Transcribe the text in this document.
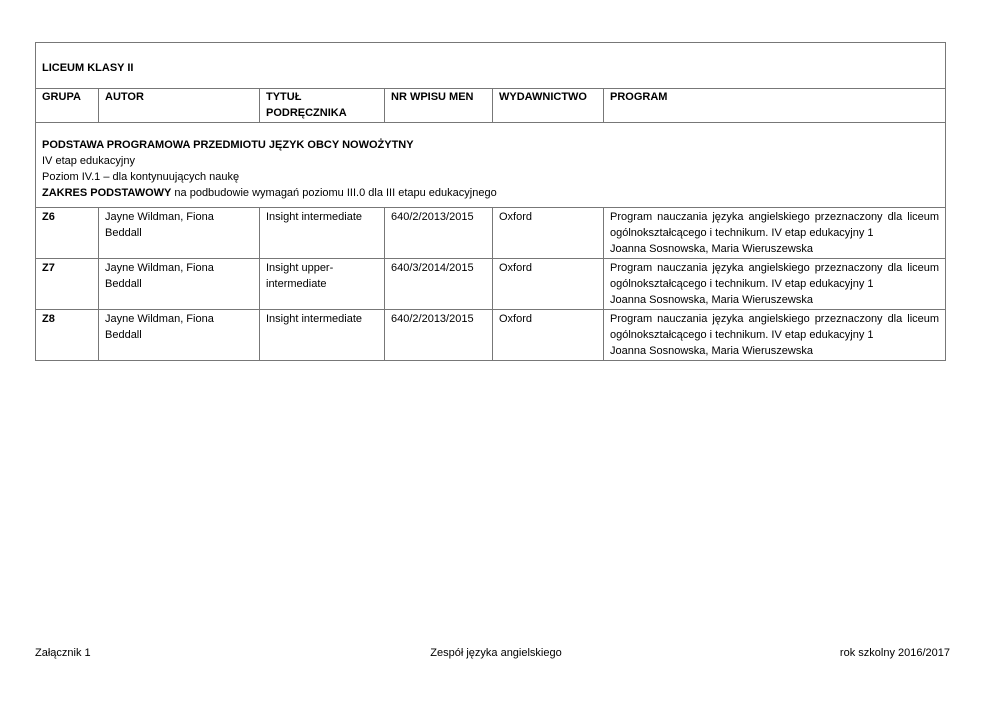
LICEUM KLASY II					
GRUPA	AUTOR	TYTUŁ PODRĘCZNIKA	NR WPISU MEN	WYDAWNICTWO	PROGRAM

PODSTAWA PROGRAMOWA PRZEDMIOTU JĘZYK OBCY NOWOŻYTNY
IV etap edukacyjny
Poziom IV.1 – dla kontynuujących naukę
ZAKRES PODSTAWOWY na podbudowie wymagań poziomu III.0 dla III etapu edukacyjnego					

Z6	Jayne Wildman, Fiona Beddall	Insight intermediate	640/2/2013/2015	Oxford	Program nauczania języka angielskiego przeznaczony dla liceum ogólnokształcącego i technikum. IV etap edukacyjny 1
Joanna Sosnowska, Maria Wieruszewska

Z7	Jayne Wildman, Fiona Beddall	Insight upper-intermediate	640/3/2014/2015	Oxford	Program nauczania języka angielskiego przeznaczony dla liceum ogólnokształcącego i technikum. IV etap edukacyjny 1
Joanna Sosnowska, Maria Wieruszewska

Z8	Jayne Wildman, Fiona Beddall	Insight intermediate	640/2/2013/2015	Oxford	Program nauczania języka angielskiego przeznaczony dla liceum ogólnokształcącego i technikum. IV etap edukacyjny 1
Joanna Sosnowska, Maria Wieruszewska
Załącznik 1	Zespół języka angielskiego	rok szkolny 2016/2017
